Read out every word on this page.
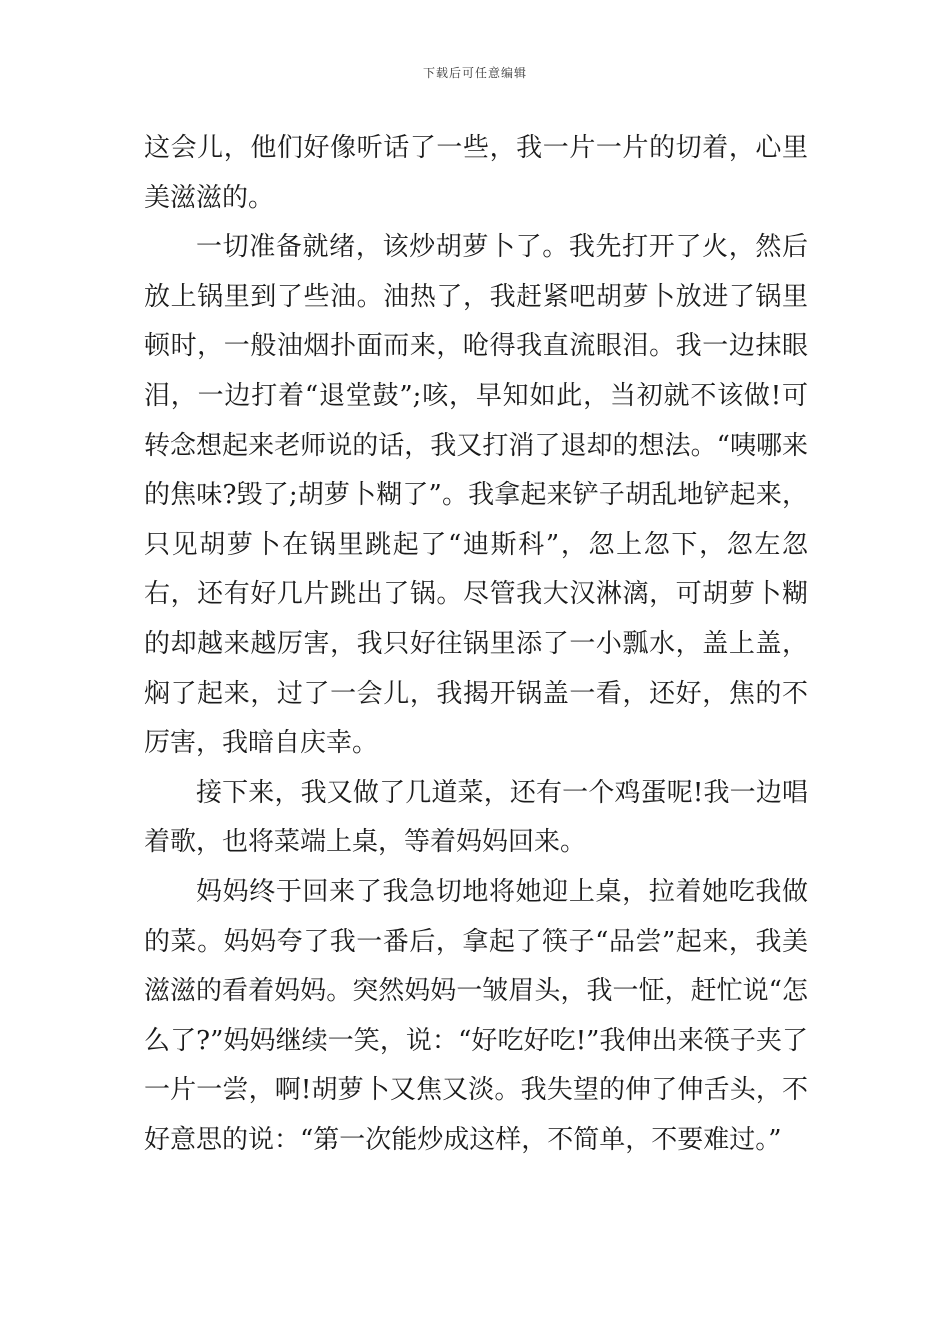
下载后可任意编辑

这会儿，他们好像听话了一些，我一片一片的切着，心里美滋滋的。

一切准备就绪，该炒胡萝卜了。我先打开了火，然后放上锅里到了些油。油热了，我赶紧吧胡萝卜放进了锅里顿时，一般油烟扑面而来，呛得我直流眼泪。我一边抹眼泪，一边打着“退堂鼓”;咳，早知如此，当初就不该做!可转念想起来老师说的话，我又打消了退却的想法。“咦哪来的焦味?毁了;胡萝卜糊了”。我拿起来铲子胡乱地铲起来，只见胡萝卜在锅里跳起了“迪斯科”，忽上忽下，忽左忽右，还有好几片跳出了锅。尽管我大汉淋漓，可胡萝卜糊的却越来越厉害，我只好往锅里添了一小瓢水，盖上盖，焖了起来，过了一会儿，我揭开锅盖一看，还好，焦的不厉害，我暗自庆幸。

接下来，我又做了几道菜，还有一个鸡蛋呢!我一边唱着歌，也将菜端上桌，等着妈妈回来。

妈妈终于回来了我急切地将她迎上桌，拉着她吃我做的菜。妈妈夸了我一番后，拿起了筷子“品尝”起来，我美滋滋的看着妈妈。突然妈妈一皱眉头，我一怔，赶忙说“怎么了?”妈妈继续一笑，说：“好吃好吃!”我伸出来筷子夹了一片一尝，啊!胡萝卜又焦又淡。我失望的伸了伸舌头，不好意思的说：“第一次能炒成这样，不简单，不要难过。”
